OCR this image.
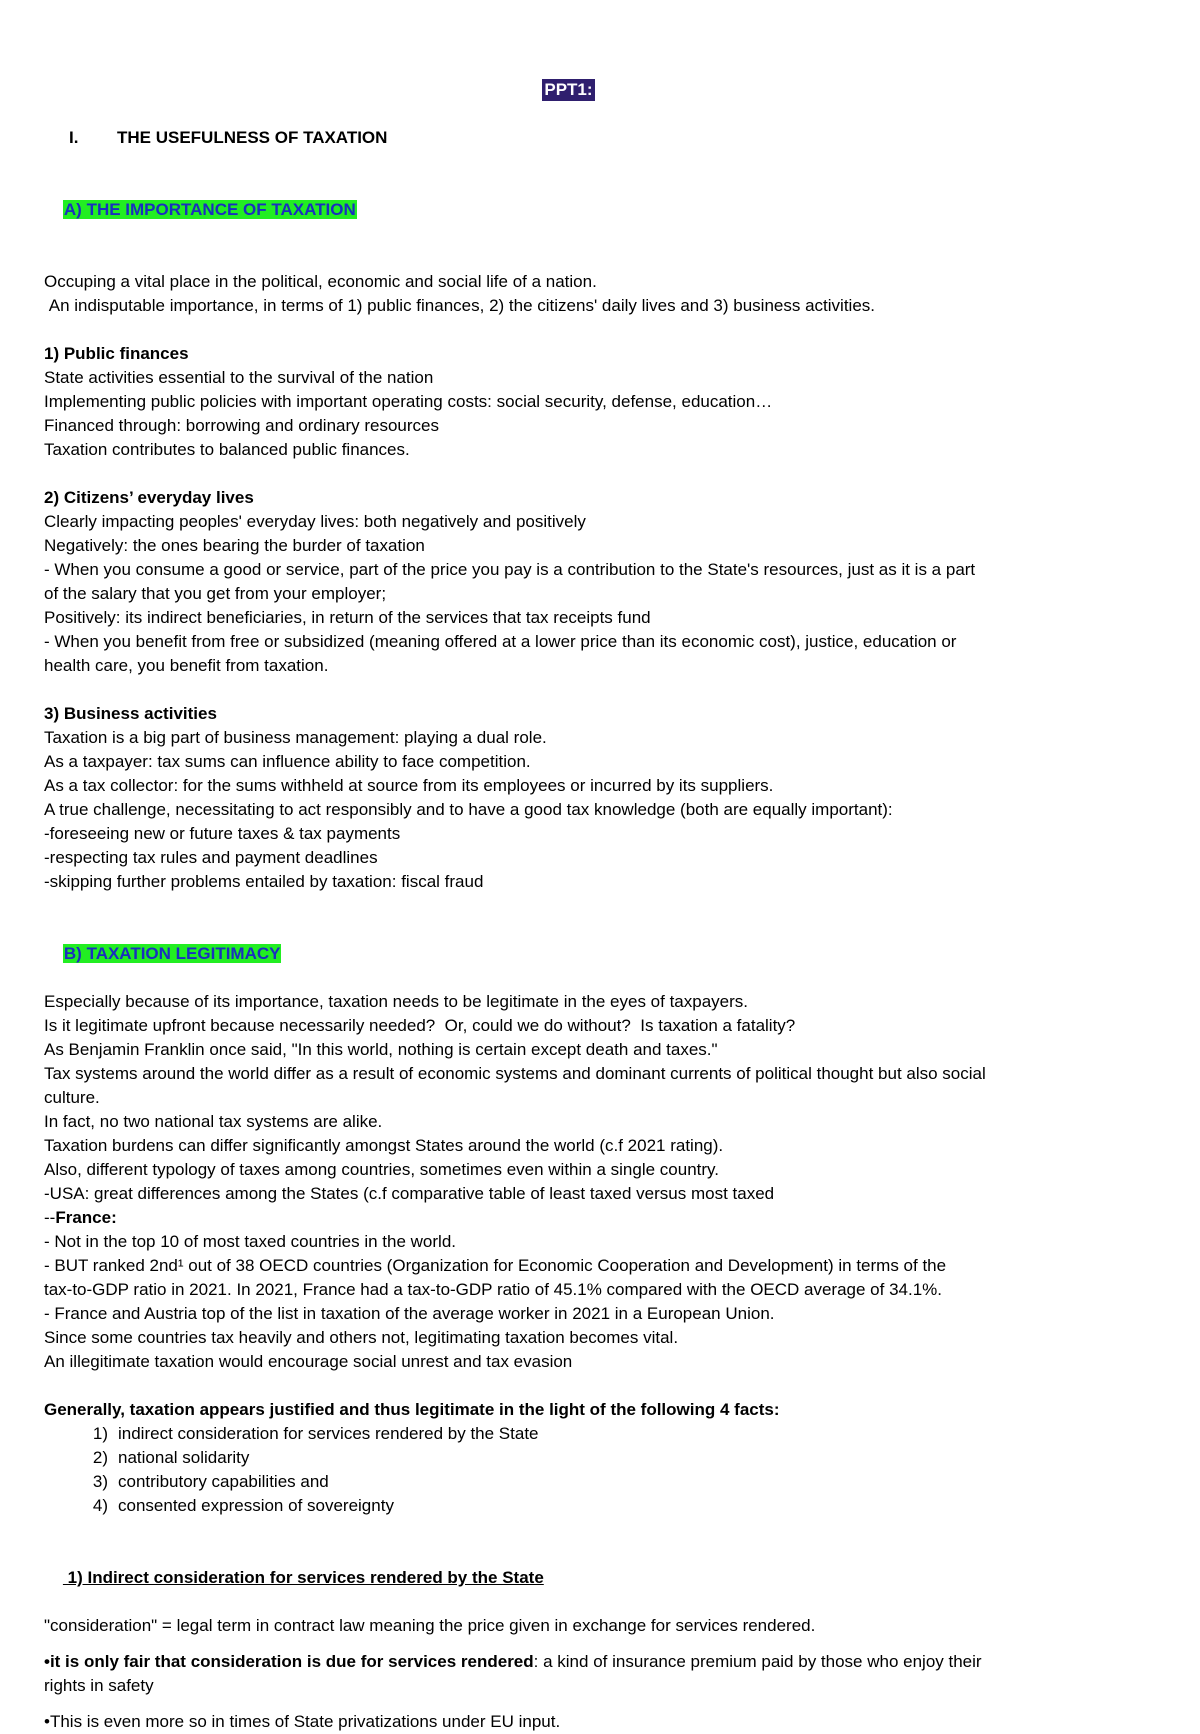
PPT1:

I.	THE USEFULNESS OF TAXATION

A) THE IMPORTANCE OF TAXATION

Occuping a vital place in the political, economic and social life of a nation.
An indisputable importance, in terms of 1) public finances, 2) the citizens' daily lives and 3) business activities.
1) Public finances
State activities essential to the survival of the nation
Implementing public policies with important operating costs: social security, defense, education…
Financed through: borrowing and ordinary resources
Taxation contributes to balanced public finances.
2) Citizens’ everyday lives
Clearly impacting peoples' everyday lives: both negatively and positively
Negatively: the ones bearing the burder of taxation
- When you consume a good or service, part of the price you pay is a contribution to the State's resources, just as it is a part
of the salary that you get from your employer;
Positively: its indirect beneficiaries, in return of the services that tax receipts fund
- When you benefit from free or subsidized (meaning offered at a lower price than its economic cost), justice, education or
health care, you benefit from taxation.
3) Business activities
Taxation is a big part of business management: playing a dual role.
As a taxpayer: tax sums can influence ability to face competition.
As a tax collector: for the sums withheld at source from its employees or incurred by its suppliers.
A true challenge, necessitating to act responsibly and to have a good tax knowledge (both are equally important):
-foreseeing new or future taxes & tax payments
-respecting tax rules and payment deadlines
-skipping further problems entailed by taxation: fiscal fraud

B) TAXATION LEGITIMACY

Especially because of its importance, taxation needs to be legitimate in the eyes of taxpayers.
Is it legitimate upfront because necessarily needed?  Or, could we do without?  Is taxation a fatality?
As Benjamin Franklin once said, "In this world, nothing is certain except death and taxes."
Tax systems around the world differ as a result of economic systems and dominant currents of political thought but also social
culture.
In fact, no two national tax systems are alike.
Taxation burdens can differ significantly amongst States around the world (c.f 2021 rating).
Also, different typology of taxes among countries, sometimes even within a single country.
-USA: great differences among the States (c.f comparative table of least taxed versus most taxed
--France:
- Not in the top 10 of most taxed countries in the world.
- BUT ranked 2nd¹ out of 38 OECD countries (Organization for Economic Cooperation and Development) in terms of the
tax-to-GDP ratio in 2021. In 2021, France had a tax-to-GDP ratio of 45.1% compared with the OECD average of 34.1%.
- France and Austria top of the list in taxation of the average worker in 2021 in a European Union.
Since some countries tax heavily and others not, legitimating taxation becomes vital.
An illegitimate taxation would encourage social unrest and tax evasion
Generally, taxation appears justified and thus legitimate in the light of the following 4 facts:
1) indirect consideration for services rendered by the State
2) national solidarity
3) contributory capabilities and
4) consented expression of sovereignty

1) Indirect consideration for services rendered by the State

"consideration" = legal term in contract law meaning the price given in exchange for services rendered.
•it is only fair that consideration is due for services rendered: a kind of insurance premium paid by those who enjoy their
rights in safety
•This is even more so in times of State privatizations under EU input.
